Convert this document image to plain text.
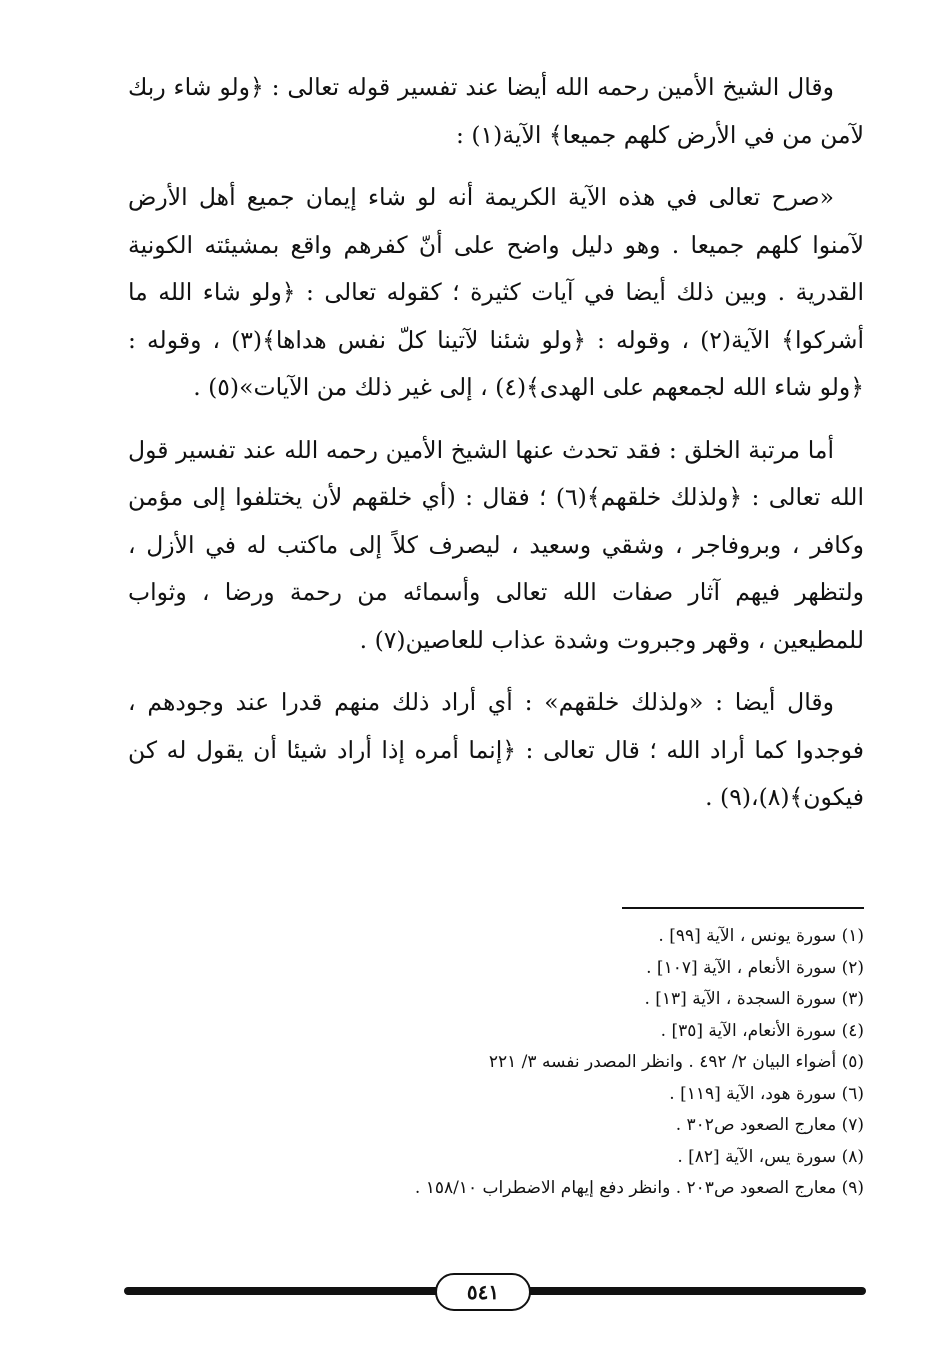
وقال الشيخ الأمين رحمه الله أيضا عند تفسير قوله تعالى : ﴿ولو شاء ربك لآمن من في الأرض كلهم جميعا﴾ الآية(١) :

«صرح تعالى في هذه الآية الكريمة أنه لو شاء إيمان جميع أهل الأرض لآمنوا كلهم جميعا . وهو دليل واضح على أنّ كفرهم واقع بمشيئته الكونية القدرية . وبين ذلك أيضا في آيات كثيرة ؛ كقوله تعالى : ﴿ولو شاء الله ما أشركوا﴾ الآية(٢) ، وقوله : ﴿ولو شئنا لآتينا كلّ نفس هداها﴾(٣) ، وقوله : ﴿ولو شاء الله لجمعهم على الهدى﴾(٤) ، إلى غير ذلك من الآيات»(٥) .

أما مرتبة الخلق : فقد تحدث عنها الشيخ الأمين رحمه الله عند تفسير قول الله تعالى : ﴿ولذلك خلقهم﴾(٦) ؛ فقال : (أي خلقهم لأن يختلفوا إلى مؤمن وكافر ، وبروفاجر ، وشقي وسعيد ، ليصرف كلاً إلى ماكتب له في الأزل ، ولتظهر فيهم آثار صفات الله تعالى وأسمائه من رحمة ورضا ، وثواب للمطيعين ، وقهر وجبروت وشدة عذاب للعاصين(٧) .

وقال أيضا : «ولذلك خلقهم» : أي أراد ذلك منهم قدرا عند وجودهم ، فوجدوا كما أراد الله ؛ قال تعالى : ﴿إنما أمره إذا أراد شيئا أن يقول له كن فيكون﴾(٨)،(٩) .

(١) سورة يونس ، الآية [٩٩] .
(٢) سورة الأنعام ، الآية [١٠٧] .
(٣) سورة السجدة ، الآية [١٣] .
(٤) سورة الأنعام، الآية [٣٥] .
(٥) أضواء البيان ٢/ ٤٩٢ . وانظر المصدر نفسه ٣/ ٢٢١
(٦) سورة هود، الآية [١١٩] .
(٧) معارج الصعود ص٣٠٢ .
(٨) سورة يس، الآية [٨٢] .
(٩) معارج الصعود ص٢٠٣ . وانظر دفع إيهام الاضطراب ١٥٨/١٠ .
٥٤١
